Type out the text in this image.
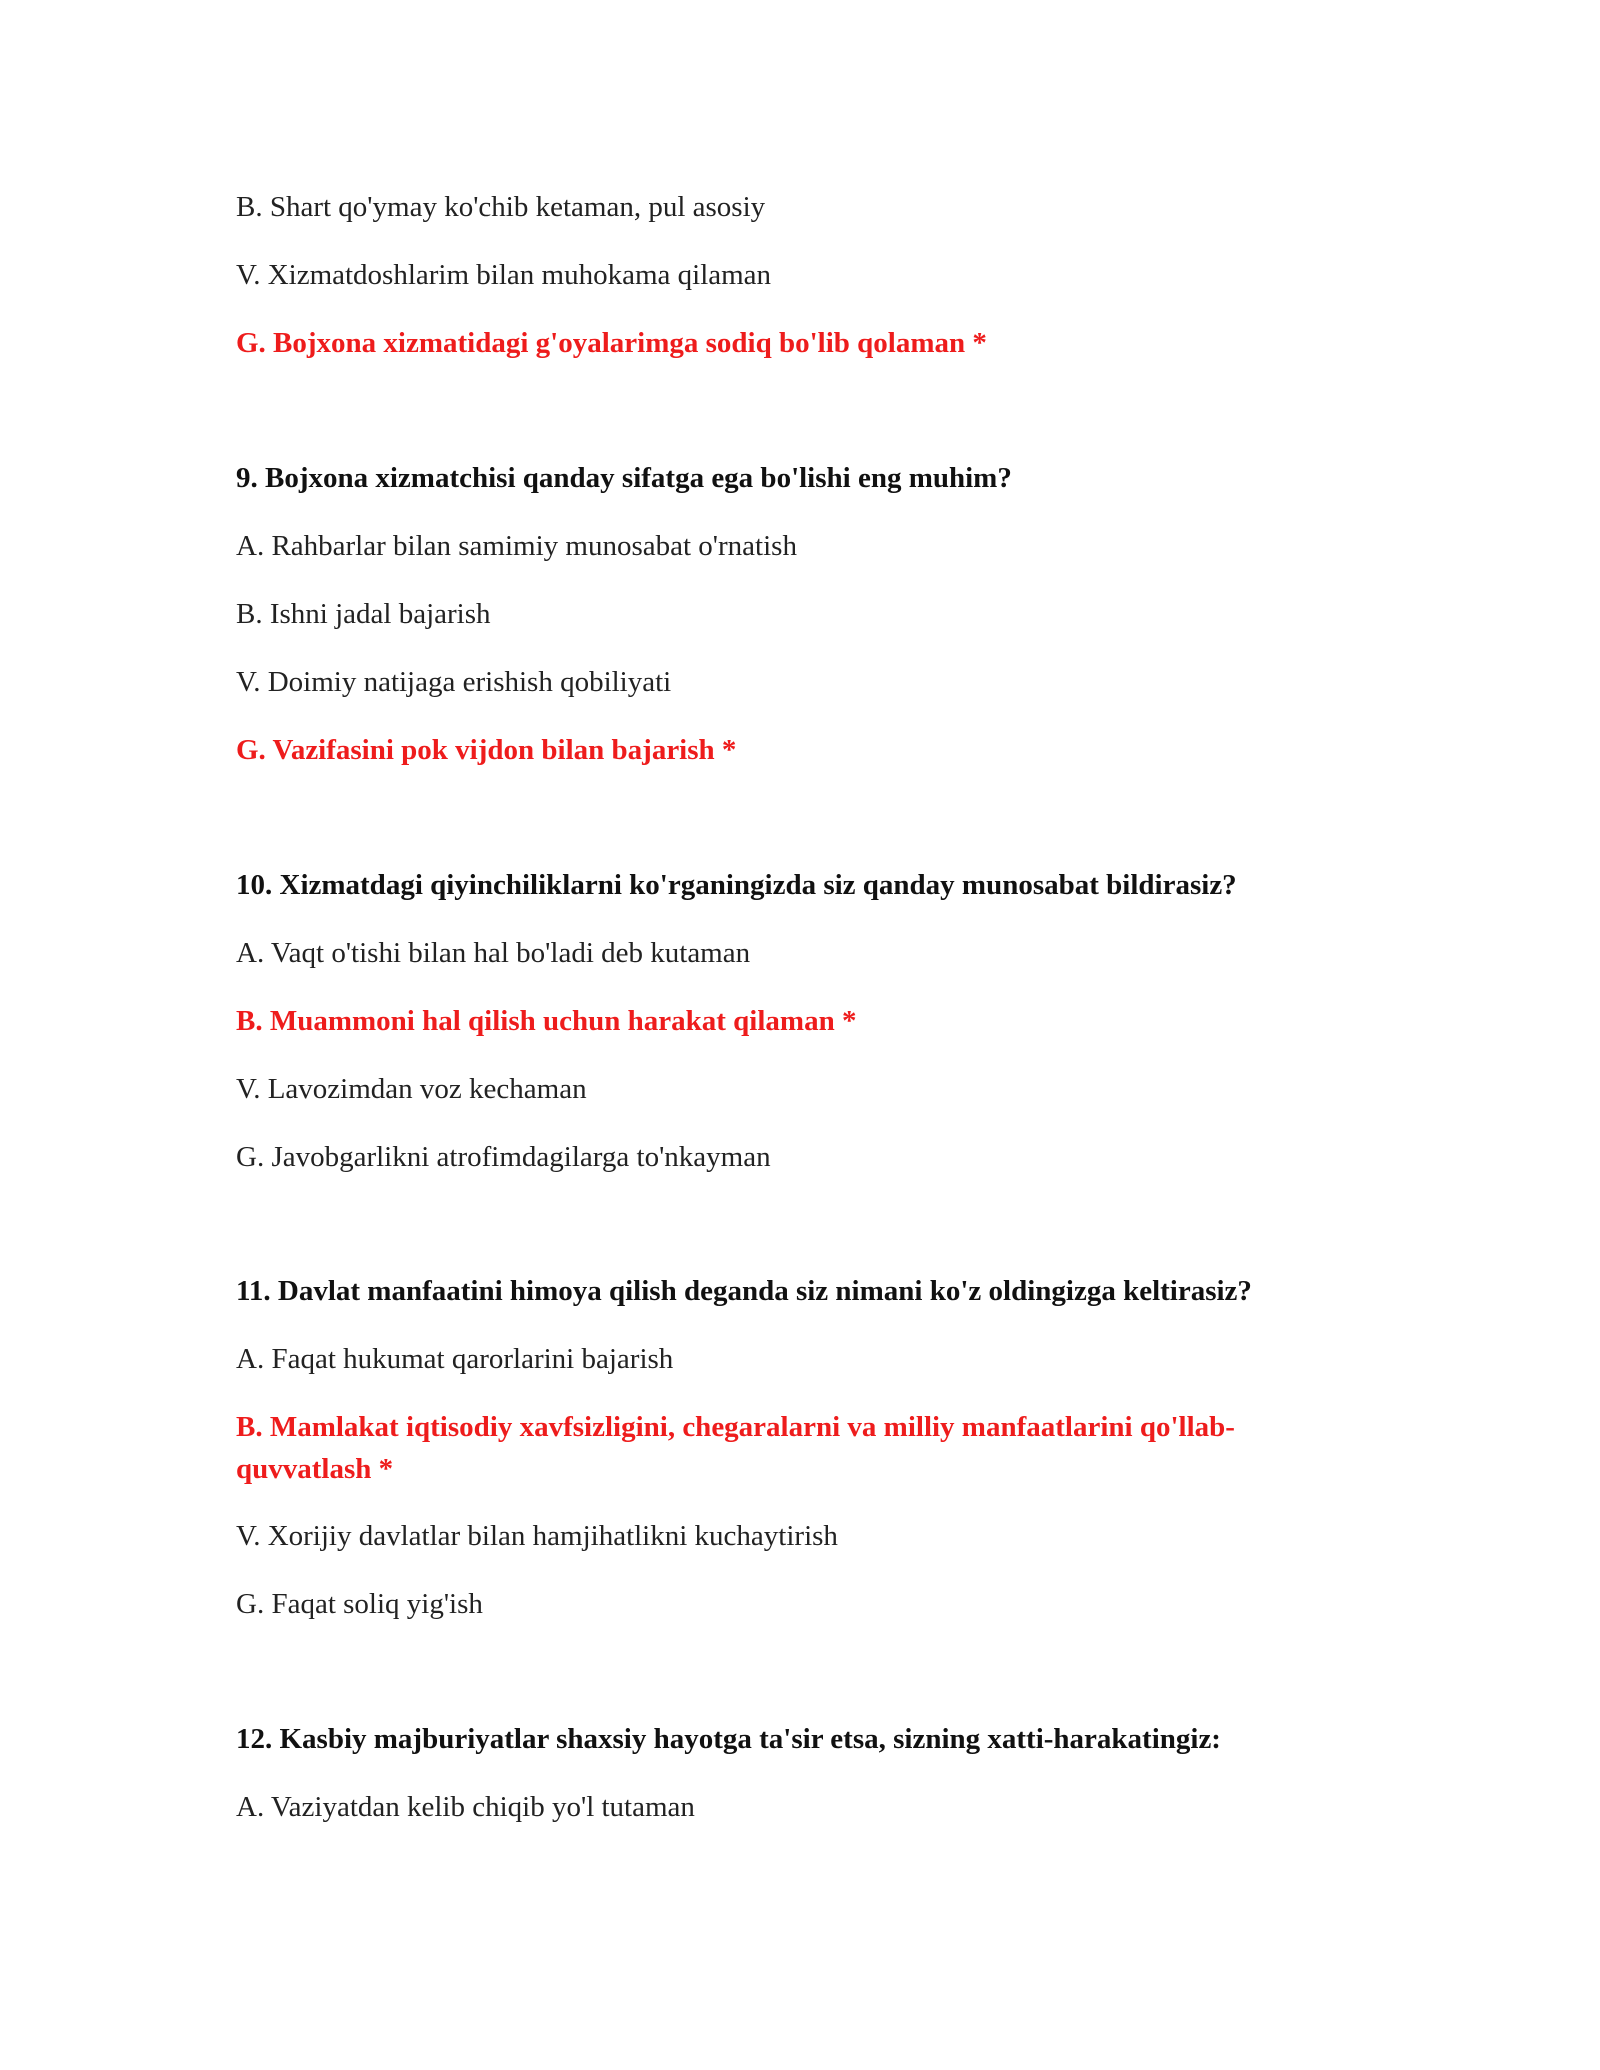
B. Shart qo'ymay ko'chib ketaman, pul asosiy
V. Xizmatdoshlarim bilan muhokama qilaman
G. Bojxona xizmatidagi g'oyalarimga sodiq bo'lib qolaman *
9. Bojxona xizmatchisi qanday sifatga ega bo'lishi eng muhim?
A. Rahbarlar bilan samimiy munosabat o'rnatish
B. Ishni jadal bajarish
V. Doimiy natijaga erishish qobiliyati
G. Vazifasini pok vijdon bilan bajarish *
10. Xizmatdagi qiyinchiliklarni ko'rganingizda siz qanday munosabat bildirasiz?
A. Vaqt o'tishi bilan hal bo'ladi deb kutaman
B. Muammoni hal qilish uchun harakat qilaman *
V. Lavozimdan voz kechaman
G. Javobgarlikni atrofimdagilarga to'nkayman
11. Davlat manfaatini himoya qilish deganda siz nimani ko'z oldingizga keltirasiz?
A. Faqat hukumat qarorlarini bajarish
B. Mamlakat iqtisodiy xavfsizligini, chegaralarni va milliy manfaatlarini qo'llab-quvvatlash *
V. Xorijiy davlatlar bilan hamjihatlikni kuchaytirish
G. Faqat soliq yig'ish
12. Kasbiy majburiyatlar shaxsiy hayotga ta'sir etsa, sizning xatti-harakatingiz:
A. Vaziyatdan kelib chiqib yo'l tutaman
